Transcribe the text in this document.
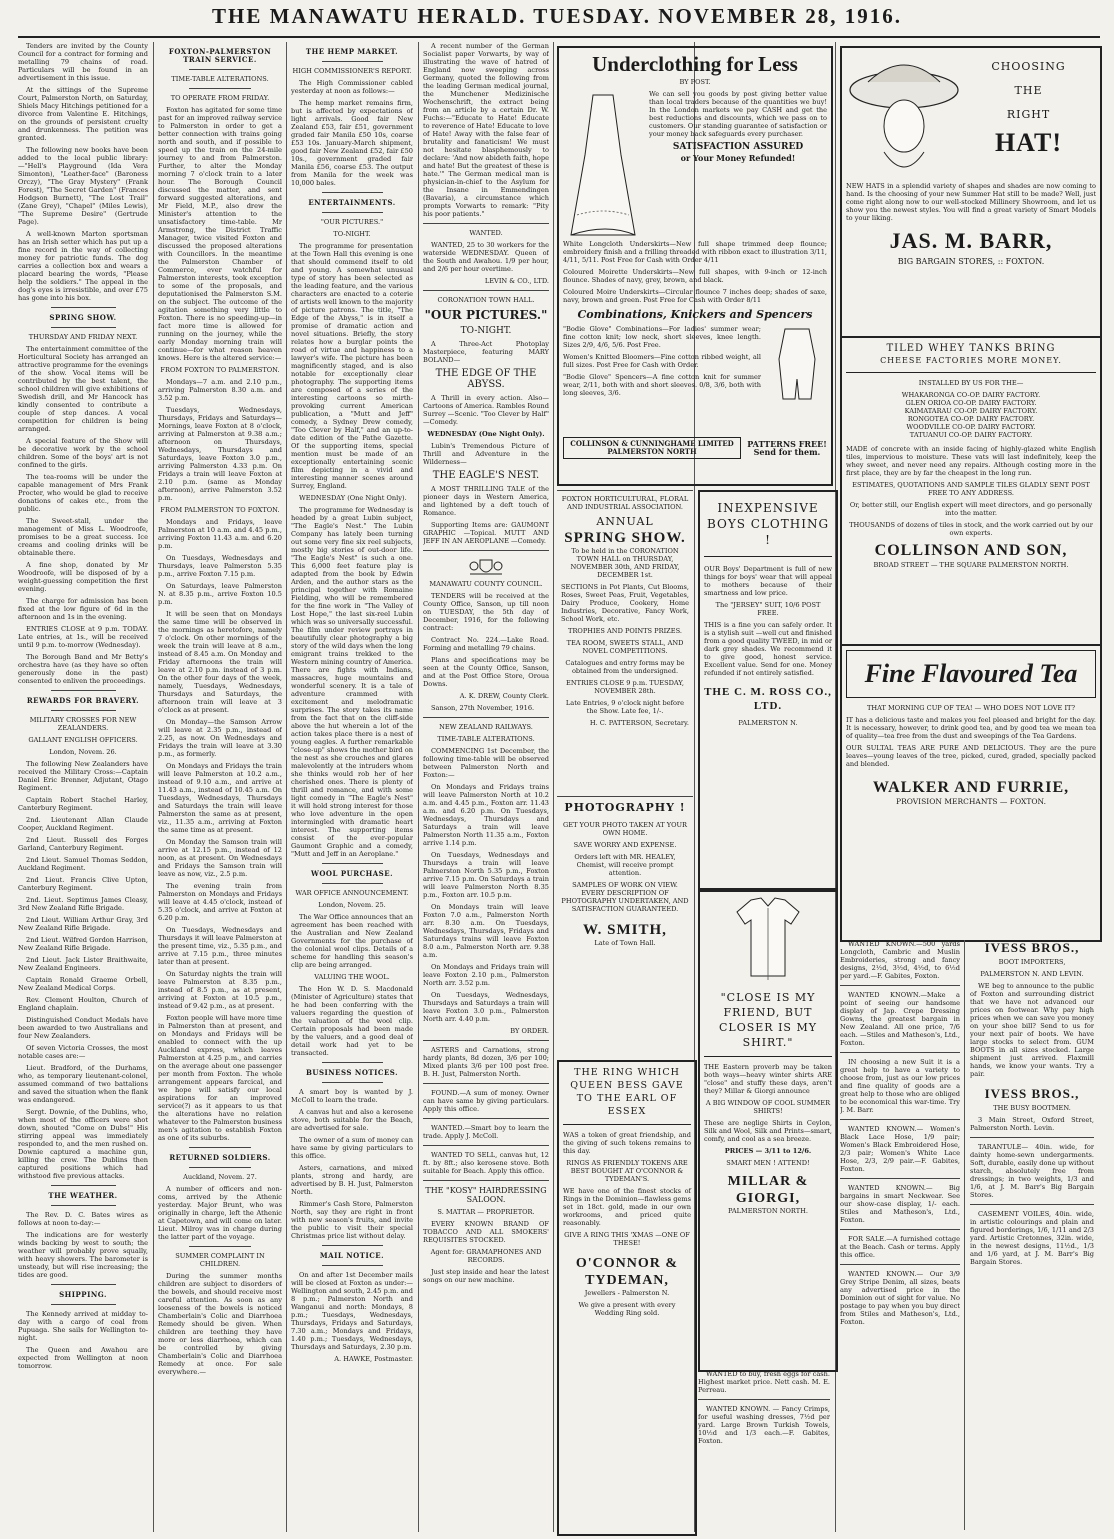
THE MANAWATU HERALD. TUESDAY. NOVEMBER 28, 1916.

Tenders are invited by the County Council for a contract for forming and metalling 79 chains of road. Particulars will be found in an advertisement in this issue.

At the sittings of the Supreme Court, Palmerston North, on Saturday, Shiels Macy Hitchings petitioned for a divorce from Valentine E. Hitchings, on the grounds of persistent cruelty and drunkenness. The petition was granted.

The following new books have been added to the local public library:—"Hell's Playground (Ida Vera Simonton), "Leather-face" (Baroness Orczy), "The Gray Mystery" (Frank Forest), "The Secret Garden" (Frances Hodgson Burnett), "The Lost Trail" (Zane Grey), "Chapel" (Miles Lewis), "The Supreme Desire" (Gertrude Page).

A well-known Marton sportsman has an Irish setter which has put up a fine record in the way of collecting money for patriotic funds. The dog carries a collection box and wears a placard bearing the words, "Please help the soldiers." The appeal in the dog's eyes is irresistible, and over £75 has gone into his box.

SPRING SHOW.

THURSDAY AND FRIDAY NEXT.

The entertainment committee of the Horticultural Society has arranged an attractive programme for the evenings of the show. Vocal items will be contributed by the best talent, the school children will give exhibitions of Swedish drill, and Mr Hancock has kindly consented to contribute a couple of step dances. A vocal competition for children is being arranged.

A special feature of the Show will be decorative work by the school children. Some of the boys' art is not confined to the girls.

The tea-rooms will be under the capable management of Mrs Frank Procter, who would be glad to receive donations of cakes etc., from the public.

The Sweet-stall, under the management of Miss L. Woodroofe, promises to be a great success. Ice creams and cooling drinks will be obtainable there.

A fine shop, donated by Mr Woodroofe, will be disposed of by a weight-guessing competition the first evening.

The charge for admission has been fixed at the low figure of 6d in the afternoon and 1s in the evening.

ENTRIES CLOSE at 9 p.m. TODAY. Late entries, at 1s., will be received until 9 p.m. to-morrow (Wednesday).

The Borough Band and Mr Betty's orchestra have (as they have so often generously done in the past) consented to enliven the proceedings.

REWARDS FOR BRAVERY.

MILITARY CROSSES FOR NEW ZEALANDERS.

GALLANT ENGLISH OFFICERS.

London, Novem. 26.

The following New Zealanders have received the Military Cross:—Captain Daniel Eric Brenner, Adjutant, Otago Regiment.

Captain Robert Stachel Harley, Canterbury Regiment.

2nd. Lieutenant Allan Claude Cooper, Auckland Regiment.

2nd Lieut. Russell des Forges Garland, Canterbury Regiment.

2nd Lieut. Samuel Thomas Seddon, Auckland Regiment.

2nd Lieut. Francis Clive Upton, Canterbury Regiment.

2nd. Lieut. Septimus James Cleasy, 3rd New Zealand Rifle Brigade.

2nd Lieut. William Arthur Gray, 3rd New Zealand Rifle Brigade.

2nd Lieut. Wilfred Gordon Harrison, New Zealand Rifle Brigade.

2nd Lieut. Jack Lister Braithwaite, New Zealand Engineers.

Captain Ronald Graeme Orbell, New Zealand Medical Corps.

Rev. Clement Houlton, Church of England chaplain.

Distinguished Conduct Medals have been awarded to two Australians and four New Zealanders.

Of seven Victoria Crosses, the most notable cases are:—

Lieut. Bradford, of the Durhams, who, as temporary lieutenant-colonel, assumed command of two battalions and saved the situation when the flank was endangered.

Sergt. Downie, of the Dublins, who, when most of the officers were shot down, shouted "Come on Dubs!" His stirring appeal was immediately responded to, and the men rushed on. Downie captured a machine gun, killing the crew. The Dublins then captured positions which had withstood five previous attacks.

THE WEATHER.

The Rev. D. C. Bates wires as follows at noon to-day:—

The indications are for westerly winds backing by west to south; the weather will probably prove squally, with heavy showers. The barometer is unsteady, but will rise increasing; the tides are good.

SHIPPING.

The Kennedy arrived at midday to-day with a cargo of coal from Pupuaga. She sails for Wellington to-night.

The Queen and Awahou are expected from Wellington at noon tomorrow.

FOXTON-PALMERSTON TRAIN SERVICE.

TIME-TABLE ALTERATIONS.

TO OPERATE FROM FRIDAY.

Foxton has agitated for some time past for an improved railway service to Palmerston in order to get a better connection with trains going north and south, and if possible to speed up the train on the 24-mile journey to and from Palmerston. Further, to alter the Monday morning 7 o'clock train to a later hour. The Borough Council discussed the matter, and sent forward suggested alterations, and Mr Field, M.P., also drew the Minister's attention to the unsatisfactory time-table. Mr Armstrong, the District Traffic Manager, twice visited Foxton and discussed the proposed alterations with Councillors. In the meantime the Palmerston Chamber of Commerce, ever watchful for Palmerston interests, took exception to some of the proposals, and deputationised the Palmerston S.M. on the subject. The outcome of the agitation something very little to Foxton. There is no speeding-up—in fact more time is allowed for running on the journey, while the early Monday morning train will continue—for what reason heaven knows. Here is the altered service:—

FROM FOXTON TO PALMERSTON.

Mondays—7 a.m. and 2.10 p.m., arriving Palmerston 8.30 a.m. and 3.52 p.m.

Tuesdays, Wednesdays, Thursdays, Fridays and Saturdays—Mornings, leave Foxton at 8 o'clock, arriving at Palmerston at 9.38 a.m.; afternoon on Thursdays, Wednesdays, Thursdays and Saturdays, leave Foxton 3.0 p.m., arriving Palmerston 4.33 p.m. On Fridays a train will leave Foxton at 2.10 p.m. (same as Monday afternoon), arrive Palmerston 3.52 p.m.

FROM PALMERSTON TO FOXTON.

Mondays and Fridays, leave Palmerston at 10 a.m. and 4.45 p.m., arriving Foxton 11.43 a.m. and 6.20 p.m.

On Tuesdays, Wednesdays and Thursdays, leave Palmerston 5.35 p.m., arrive Foxton 7.15 p.m.

On Saturdays, leave Palmerston N. at 8.35 p.m., arrive Foxton 10.5 p.m.

It will be seen that on Mondays the same time will be observed in the mornings as heretofore, namely 7 o'clock. On other mornings of the week the train will leave at 8 a.m., instead of 8.45 a.m. On Monday and Friday afternoons the train will leave at 2.10 p.m. instead of 3 p.m. On the other four days of the week, namely, Tuesdays, Wednesdays, Thursdays and Saturdays, the afternoon train will leave at 3 o'clock as at present.

On Monday—the Samson Arrow will leave at 2.35 p.m., instead of 2.25, as now. On Wednesdays and Fridays the train will leave at 3.30 p.m., as formerly.

On Mondays and Fridays the train will leave Palmerston at 10.2 a.m., instead of 9.10 a.m., and arrive at 11.43 a.m., instead of 10.45 a.m. On Tuesdays, Wednesdays, Thursdays and Saturdays the train will leave Palmerston the same as at present, viz., 11.35 a.m., arriving at Foxton the same time as at present.

On Monday the Samson train will arrive at 12.15 p.m., instead of 12 noon, as at present. On Wednesdays and Fridays the Samson train will leave as now, viz., 2.5 p.m.

The evening train from Palmerston on Mondays and Fridays will leave at 4.45 o'clock, instead of 5.35 o'clock, and arrive at Foxton at 6.20 p.m.

On Tuesdays, Wednesdays and Thursdays it will leave Palmerston at the present time, viz., 5.35 p.m., and arrive at 7.15 p.m., three minutes later than at present.

On Saturday nights the train will leave Palmerston at 8.35 p.m., instead of 8.5 p.m., as at present, arriving at Foxton at 10.5 p.m., instead of 9.42 p.m., as at present.

Foxton people will have more time in Palmerston than at present, and on Mondays and Fridays will be enabled to connect with the up Auckland express, which leaves Palmerston at 4.25 p.m., and carries on the average about one passenger per month from Foxton. The whole arrangement appears farcical, and we hope will satisfy our local aspirations for an improved service(?) as it appears to us that the alterations have no relation whatever to the Palmerston business men's agitation to establish Foxton as one of its suburbs.

RETURNED SOLDIERS.

Auckland, Novem. 27.

A number of officers and non-coms, arrived by the Athenic yesterday. Major Brunt, who was originally in charge, left the Athenic at Capetown, and will come on later. Lieut. Milroy was in charge during the latter part of the voyage.

SUMMER COMPLAINT IN CHILDREN.

During the summer months children are subject to disorders of the bowels, and should receive most careful attention. As soon as any looseness of the bowels is noticed Chamberlain's Colic and Diarrhoea Remedy should be given. When children are teething they have more or less diarrhoea, which can be controlled by giving Chamberlain's Colic and Diarrhoea Remedy at once. For sale everywhere.—

THE HEMP MARKET.

HIGH COMMISSIONER'S REPORT.

The High Commissioner cabled yesterday at noon as follows:—

The hemp market remains firm, but is affected by expectations of light arrivals. Good fair New Zealand £53, fair £51, government graded fair Manila £50 10s, coarse £53 10s. January-March shipment, good fair New Zealand £52, fair £50 10s., government graded fair Manila £56, coarse £53. The output from Manila for the week was 10,000 bales.

ENTERTAINMENTS.

"OUR PICTURES."

TO-NIGHT.

The programme for presentation at the Town Hall this evening is one that should commend itself to old and young. A somewhat unusual type of story has been selected as the leading feature, and the various characters are enacted to a coterie of artists well known to the majority of picture patrons. The title, "The Edge of the Abyss," is in itself a promise of dramatic action and novel situations. Briefly, the story relates how a burglar points the road of virtue and happiness to a lawyer's wife. The picture has been magnificently staged, and is also notable for exceptionally clear photography. The supporting items are composed of a series of the interesting cartoons so mirth-provoking current American publication, a "Mutt and Jeff" comedy, a Sydney Drew comedy, "Too Clever by Half," and an up-to-date edition of the Pathe Gazette. Of the supporting items, special mention must be made of an exceptionally entertaining scenic film depicting in a vivid and interesting manner scenes around Surrey, England.

WEDNESDAY (One Night Only).

The programme for Wednesday is headed by a great Lubin subject, "The Eagle's Nest." The Lubin Company has lately been turning out some very fine six reel subjects, mostly big stories of out-door life. "The Eagle's Nest" is such a one. This 6,000 feet feature play is adapted from the book by Edwin Arden, and the author stars as the principal together with Romaine Fielding, who will be remembered for the fine work in "The Valley of Lost Hope," the last six-reel Lubin which was so universally successful. The film under review portrays in beautifully clear photography a big story of the wild days when the long emigrant trains trekked to the Western mining country of America. There are fights with Indians, massacres, huge mountains and wonderful scenery. It is a tale of adventure crammed with excitement and melodramatic surprises. The story takes its name from the fact that on the cliff-side above the hut wherein a lot of the action takes place there is a nest of young eagles. A further remarkable "close-up" shows the mother bird on the nest as she crouches and glares malevolently at the intruders whom she thinks would rob her of her cherished ones. There is plenty of thrill and romance, and with some light comedy in "The Eagle's Nest" it will hold strong interest for those who love adventure in the open intermingled with dramatic heart interest. The supporting items consist of the ever-popular Gaumont Graphic and a comedy, "Mutt and Jeff in an Aeroplane."

WOOL PURCHASE.

WAR OFFICE ANNOUNCEMENT.

London, Novem. 25.

The War Office announces that an agreement has been reached with the Australian and New Zealand Governments for the purchase of the colonial wool clips. Details of a scheme for handling this season's clip are being arranged.

VALUING THE WOOL.

The Hon W. D. S. Macdonald (Minister of Agriculture) states that he had been conferring with the valuers regarding the question of the valuation of the wool clip. Certain proposals had been made by the valuers, and a good deal of detail work had yet to be transacted.

BUSINESS NOTICES.

A smart boy is wanted by J. McColl to learn the trade.

A canvas hut and also a kerosene stove, both suitable for the Beach, are advertised for sale.

The owner of a sum of money can have same by giving particulars to this office.

Asters, carnations, and mixed plants, strong and hardy, are advertised by B. H. Just, Palmerston North.

Rimmer's Cash Store, Palmerston North, say they are right in front with new season's fruits, and invite the public to visit their special Christmas price list without delay.

MAIL NOTICE.

On and after 1st December mails will be closed at Foxton as under:— Wellington and south, 2.45 p.m. and 8 p.m.; Palmerston North and Wanganui and north: Mondays, 8 p.m.; Tuesdays, Wednesdays, Thursdays, Fridays and Saturdays, 7.30 a.m.; Mondays and Fridays, 1.40 p.m.; Tuesdays, Wednesdays, Thursdays and Saturdays, 2.30 p.m.

A. HAWKE, Postmaster.

A recent number of the German Socialist paper Vorwarts, by way of illustrating the wave of hatred of England now sweeping across Germany, quoted the following from the leading German medical journal, the Munchener Medizinische Wochenschrift, the extract being from an article by a certain Dr. W. Fuchs:—"Educate to Hate! Educate to reverence of Hate! Educate to love of Hate! Away with the false fear of brutality and fanaticism! We must not hesitate blasphemously to declare: 'And now abideth faith, hope and hate! But the greatest of these is hate.'" The German medical man is physician-in-chief to the Asylum for the Insane in Emmendingen (Bavaria), a circumstance which prompts Vorwarts to remark: "Pity his poor patients."

WANTED.

WANTED, 25 to 30 workers for the waterside WEDNESDAY. Queen of the South and Awahou. 1/9 per hour, and 2/6 per hour overtime.

LEVIN & CO., LTD.

CORONATION TOWN HALL.

"OUR PICTURES."

TO-NIGHT.

A Three-Act Photoplay Masterpiece, featuring MARY BOLAND—

THE EDGE OF THE ABYSS.

A Thrill in every action. Also—Cartoons of America. Rambles Round Surrey —Scenic. "Too Clever by Half" —Comedy.

WEDNESDAY (One Night Only).

Lubin's Tremendous Picture of Thrill and Adventure in the Wilderness—

THE EAGLE'S NEST.

A MOST THRILLING TALE of the pioneer days in Western America, and lightened by a deft touch of Romance.

Supporting Items are: GAUMONT GRAPHIC —Topical. MUTT AND JEFF IN AN AEROPLANE —Comedy.

MANAWATU COUNTY COUNCIL.

TENDERS will be received at the County Office, Sanson, up till noon on TUESDAY, the 5th day of December, 1916, for the following contract:

Contract No. 224.—Lake Road. Forming and metalling 79 chains.

Plans and specifications may be seen at the County Office, Sanson, and at the Post Office Store, Oroua Downs.

A. K. DREW, County Clerk.

Sanson, 27th November, 1916.

NEW ZEALAND RAILWAYS.

TIME-TABLE ALTERATIONS.

COMMENCING 1st December, the following time-table will be observed between Palmerston North and Foxton:—

On Mondays and Fridays trains will leave Palmerston North at 10.2 a.m. and 4.45 p.m., Foxton arr. 11.43 a.m. and 6.20 p.m. On Tuesdays, Wednesdays, Thursdays and Saturdays a train will leave Palmerston North 11.35 a.m., Foxton arrive 1.14 p.m.

On Tuesdays, Wednesdays and Thursdays a train will leave Palmerston North 5.35 p.m., Foxton arrive 7.15 p.m. On Saturdays a train will leave Palmerston North 8.35 p.m., Foxton arr. 10.5 p.m.

On Mondays train will leave Foxton 7.0 a.m., Palmerston North arr. 8.30 a.m. On Tuesdays, Wednesdays, Thursdays, Fridays and Saturdays trains will leave Foxton 8.0 a.m., Palmerston North arr. 9.38 a.m.

On Mondays and Fridays train will leave Foxton 2.10 p.m., Palmerston North arr. 3.52 p.m.

On Tuesdays, Wednesdays, Thursdays and Saturdays a train will leave Foxton 3.0 p.m., Palmerston North arr. 4.40 p.m.

BY ORDER.

ASTERS and Carnations, strong hardy plants, 8d dozen, 3/6 per 100; Mixed plants 3/6 per 100 post free. B. H. Just, Palmerston North.

FOUND.—A sum of money. Owner can have same by giving particulars. Apply this office.

WANTED.—Smart boy to learn the trade. Apply J. McColl.

WANTED TO SELL, canvas hut, 12 ft. by 8ft.; also kerosene stove. Both suitable for Beach. Apply this office.

THE "KOSY" HAIRDRESSING SALOON.

S. MATTAR — PROPRIETOR.

EVERY KNOWN BRAND OF TOBACCO AND ALL SMOKERS' REQUISITES STOCKED.

Agent for: GRAMAPHONES AND RECORDS.

Just step inside and hear the latest songs on our new machine.

Underclothing for Less

BY POST.

We can sell you goods by post giving better value than local traders because of the quantities we buy! In the London markets we pay CASH and get the best reductions and discounts, which we pass on to customers. Our standing guarantee of satisfaction or your money back safeguards every purchaser.

SATISFACTION ASSURED

or Your Money Refunded!

White Longcloth Underskirts—New full shape trimmed deep flounce; embroidery finish and a frilling threaded with ribbon exact to illustration 3/11, 4/11, 5/11. Post Free for Cash with Order 4/11

Coloured Moirette Underskirts—New full shapes, with 9-inch or 12-inch flounce. Shades of navy, grey, brown, and black.

Coloured Moire Underskirts—Circular flounce 7 inches deep; shades of saxe, navy, brown and green. Post Free for Cash with Order 8/11

Combinations, Knickers and Spencers

"Bodie Glove" Combinations—For ladies' summer wear; fine cotton knit; low neck, short sleeves, knee length. Sizes 2/9, 4/6, 5/6. Post Free.

Women's Knitted Bloomers—Fine cotton ribbed weight, all full sizes. Post Free for Cash with Order.

"Bodie Glove" Spencers—A fine cotton knit for summer wear, 2/11, both with and short sleeves. 0/8, 3/6, both with long sleeves, 3/6.

COLLINSON & CUNNINGHAME LIMITED PALMERSTON NORTH
PATTERNS FREE! Send for them.
CHOOSING
THE
RIGHT
HAT!

NEW HATS in a splendid variety of shapes and shades are now coming to hand. Is the choosing of your new Summer Hat still to be made? Well, just come right along now to our well-stocked Millinery Showroom, and let us show you the newest styles. You will find a great variety of Smart Models to your liking.

JAS. M. BARR,

BIG BARGAIN STORES, :: FOXTON.

TILED WHEY TANKS BRING
CHEESE FACTORIES MORE MONEY.

INSTALLED BY US FOR THE—

WHAKARONGA CO-OP. DAIRY FACTORY.
GLEN ORIOA CO-OP. DAIRY FACTORY.
KAIMATARAU CO-OP. DAIRY FACTORY.
RONGOTEA CO-OP. DAIRY FACTORY.
WOODVILLE CO-OP. DAIRY FACTORY.
TATUANUI CO-OP. DAIRY FACTORY.

MADE of concrete with an inside facing of highly-glazed white English tiles, impervious to moisture. These vats will last indefinitely, keep the whey sweet, and never need any repairs. Although costing more in the first place, they are by far the cheapest in the long run.

ESTIMATES, QUOTATIONS AND SAMPLE TILES GLADLY SENT POST FREE TO ANY ADDRESS.

Or, better still, our English expert will meet directors, and go personally into the matter.

THOUSANDS of dozens of tiles in stock, and the work carried out by our own experts.

COLLINSON AND SON,

BROAD STREET — THE SQUARE PALMERSTON NORTH.

Fine Flavoured Tea

THAT MORNING CUP OF TEA! — WHO DOES NOT LOVE IT?

IT has a delicious taste and makes you feel pleased and bright for the day. It is necessary, however, to drink good tea, and by good tea we mean tea of quality—tea free from the dust and sweepings of the Tea Gardens.

OUR SULTAL TEAS ARE PURE AND DELICIOUS. They are the pure leaves—young leaves of the tree, picked, cured, graded, specially packed and blended.

WALKER AND FURRIE,

PROVISION MERCHANTS — FOXTON.

FOXTON HORTICULTURAL, FLORAL AND INDUSTRIAL ASSOCIATION.

ANNUAL
SPRING SHOW.

To be held in the CORONATION TOWN HALL on THURSDAY, NOVEMBER 30th, AND FRIDAY, DECEMBER 1st.

SECTIONS in Pot Plants, Cut Blooms, Roses, Sweet Peas, Fruit, Vegetables, Dairy Produce, Cookery, Home Industries, Decorative, Fancy Work, School Work, etc.

TROPHIES AND POINTS PRIZES.

TEA ROOM, SWEETS STALL, AND NOVEL COMPETITIONS.

Catalogues and entry forms may be obtained from the undersigned.

ENTRIES CLOSE 9 p.m. TUESDAY, NOVEMBER 28th.

Late Entries, 9 o'clock night before the Show. Late fee, 1/-.

H. C. PATTERSON, Secretary.

PHOTOGRAPHY !

GET YOUR PHOTO TAKEN AT YOUR OWN HOME.

SAVE WORRY AND EXPENSE.

Orders left with MR. HEALEY, Chemist, will receive prompt attention.

SAMPLES OF WORK ON VIEW. EVERY DESCRIPTION OF PHOTOGRAPHY UNDERTAKEN, AND SATISFACTION GUARANTEED.

W. SMITH,

Late of Town Hall.

THE RING WHICH QUEEN BESS GAVE TO THE EARL OF ESSEX

WAS a token of great friendship, and the giving of such tokens remains to this day.

RINGS AS FRIENDLY TOKENS ARE BEST BOUGHT AT O'CONNOR & TYDEMAN'S.

WE have one of the finest stocks of Rings in the Dominion—flawless gems set in 18ct. gold, made in our own workrooms, and priced quite reasonably.

GIVE A RING THIS 'XMAS —ONE OF THESE!

O'CONNOR & TYDEMAN,

Jewellers - Palmerston N.

We give a present with every Wedding Ring sold.

INEXPENSIVE BOYS CLOTHING !

OUR Boys' Department is full of new things for boys' wear that will appeal to mothers because of their smartness and low price.

The "JERSEY" SUIT, 10/6 POST FREE.

THIS is a fine you can safely order. It is a stylish suit —well cut and finished from a good quality TWEED, in mid or dark grey shades. We recommend it to give good, honest service. Excellent value. Send for one. Money refunded if not entirely satisfied.

THE C. M. ROSS CO., LTD.

PALMERSTON N.

"CLOSE IS MY FRIEND, BUT CLOSER IS MY SHIRT."

THE Eastern proverb may be taken both ways—heavy winter shirts ARE "close" and stuffy these days, aren't they? Millar & Giorgi announce

A BIG WINDOW OF COOL SUMMER SHIRTS!

These are neglige Shirts in Ceylon, Silk and Wool, Silk and Prints—smart, comfy, and cool as a sea breeze.

PRICES — 3/11 to 12/6.

SMART MEN ! ATTEND!

MILLAR & GIORGI,

PALMERSTON NORTH.

WANTED to buy, fresh eggs for cash. Highest market price. Nett cash. M. E. Perreau.

WANTED KNOWN. — Fancy Crimps, for useful washing dresses, 7½d per yard. Large Brown Turkish Towels, 10½d and 1/3 each.—F. Gabites, Foxton.

WANTED KNOWN.—500 yards Longcloth, Cambric and Muslin Embroideries, strong and fancy designs, 2½d, 3½d, 4½d, to 6½d per yard.—F. Gabites, Foxton.

WANTED KNOWN.—Make a point of seeing our handsome display of Jap. Crepe Dressing Gowns, the greatest bargain in New Zealand. All one price, 7/6 each. —Stiles and Matheson's, Ltd., Foxton.

IN choosing a new Suit it is a great help to have a variety to choose from, just as our low prices and fine quality of goods are a great help to those who are obliged to be economical this war-time. Try J. M. Barr.

WANTED KNOWN.— Women's Black Lace Hose, 1/9 pair; Women's Black Embroidered Hose, 2/3 pair; Women's White Lace Hose, 2/3, 2/9 pair.—F. Gabites, Foxton.

WANTED KNOWN.— Big bargains in smart Neckwear. See our show-case display, 1/- each. Stiles and Matheson's, Ltd., Foxton.

FOR SALE.—A furnished cottage at the Beach. Cash or terms. Apply this office.

WANTED KNOWN.— Our 3/9 Grey Stripe Denim, all sizes, beats any advertised price in the Dominion out of sight for value. No postage to pay when you buy direct from Stiles and Matheson's, Ltd., Foxton.

IVESS BROS.,

BOOT IMPORTERS,

PALMERSTON N. AND LEVIN.

WE beg to announce to the public of Foxton and surrounding district that we have not advanced our prices on footwear. Why pay high prices when we can save you money on your shoe bill? Send to us for your next pair of boots. We have large stocks to select from. GUM BOOTS in all sizes stocked. Large shipment just arrived. Flaxmill hands, we know your wants. Try a pair.

IVESS BROS.,

THE BUSY BOOTMEN.

3 Main Street, Oxford Street, Palmerston North. Levin.

TARANTULE— 40in. wide, for dainty home-sewn undergarments. Soft, durable, easily done up without starch, absolutely free from dressings; in two weights, 1/3 and 1/6, at J. M. Barr's Big Bargain Stores.

CASEMENT VOILES, 40in. wide, in artistic colourings and plain and figured borderings, 1/6, 1/11 and 2/3 yard. Artistic Cretonnes, 32in. wide, in the newest designs, 11½d., 1/3 and 1/6 yard, at J. M. Barr's Big Bargain Stores.
